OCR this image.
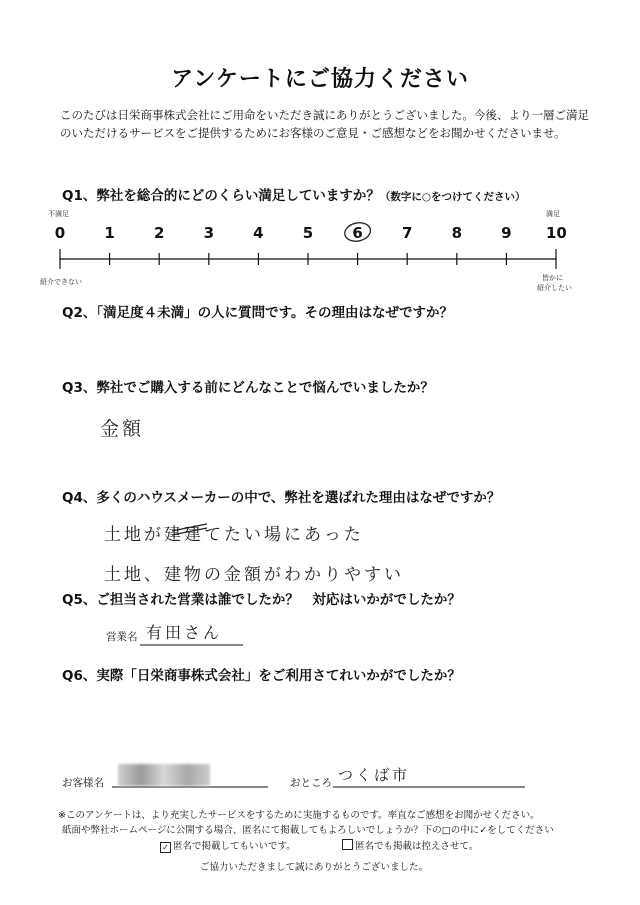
アンケートにご協力ください
このたびは日栄商事株式会社にご用命をいただき誠にありがとうございました。今後、より一層ご満足のいただけるサービスをご提供するためにお客様のご意見・ご感想などをお聞かせくださいませ。
Q1、弊社を総合的にどのくらい満足していますか？（数字に○をつけてください）
不満足	満足
紹介できない	皆かに
紹介したい
0	1	2	3	4	5	6	7	8	9	10
Q2、「満足度４未満」の人に質問です。その理由はなぜですか？
Q3、弊社でご購入する前にどんなことで悩んでいましたか？
金額
Q4、多くのハウスメーカーの中で、弊社を選ばれた理由はなぜですか？
土地が建建てたい場にあった
土地、建物の金額がわかりやすい
Q5、ご担当された営業は誰でしたか？　対応はいかがでしたか？
営業名 有田さん
Q6、実際「日栄商事株式会社」をご利用さてれいかがでしたか？
お客様名	おところ つくば市
※このアンケートは、より充実したサービスをするために実施するものです。率直なご感想をお聞かせください。
紙面や弊社ホームページに公開する場合、匿名にて掲載してもよろしいでしょうか？下の□の中に✓をしてください
✓ 匿名で掲載してもいいです。	匿名でも掲載は控えさせて。
ご協力いただきまして誠にありがとうございました。
